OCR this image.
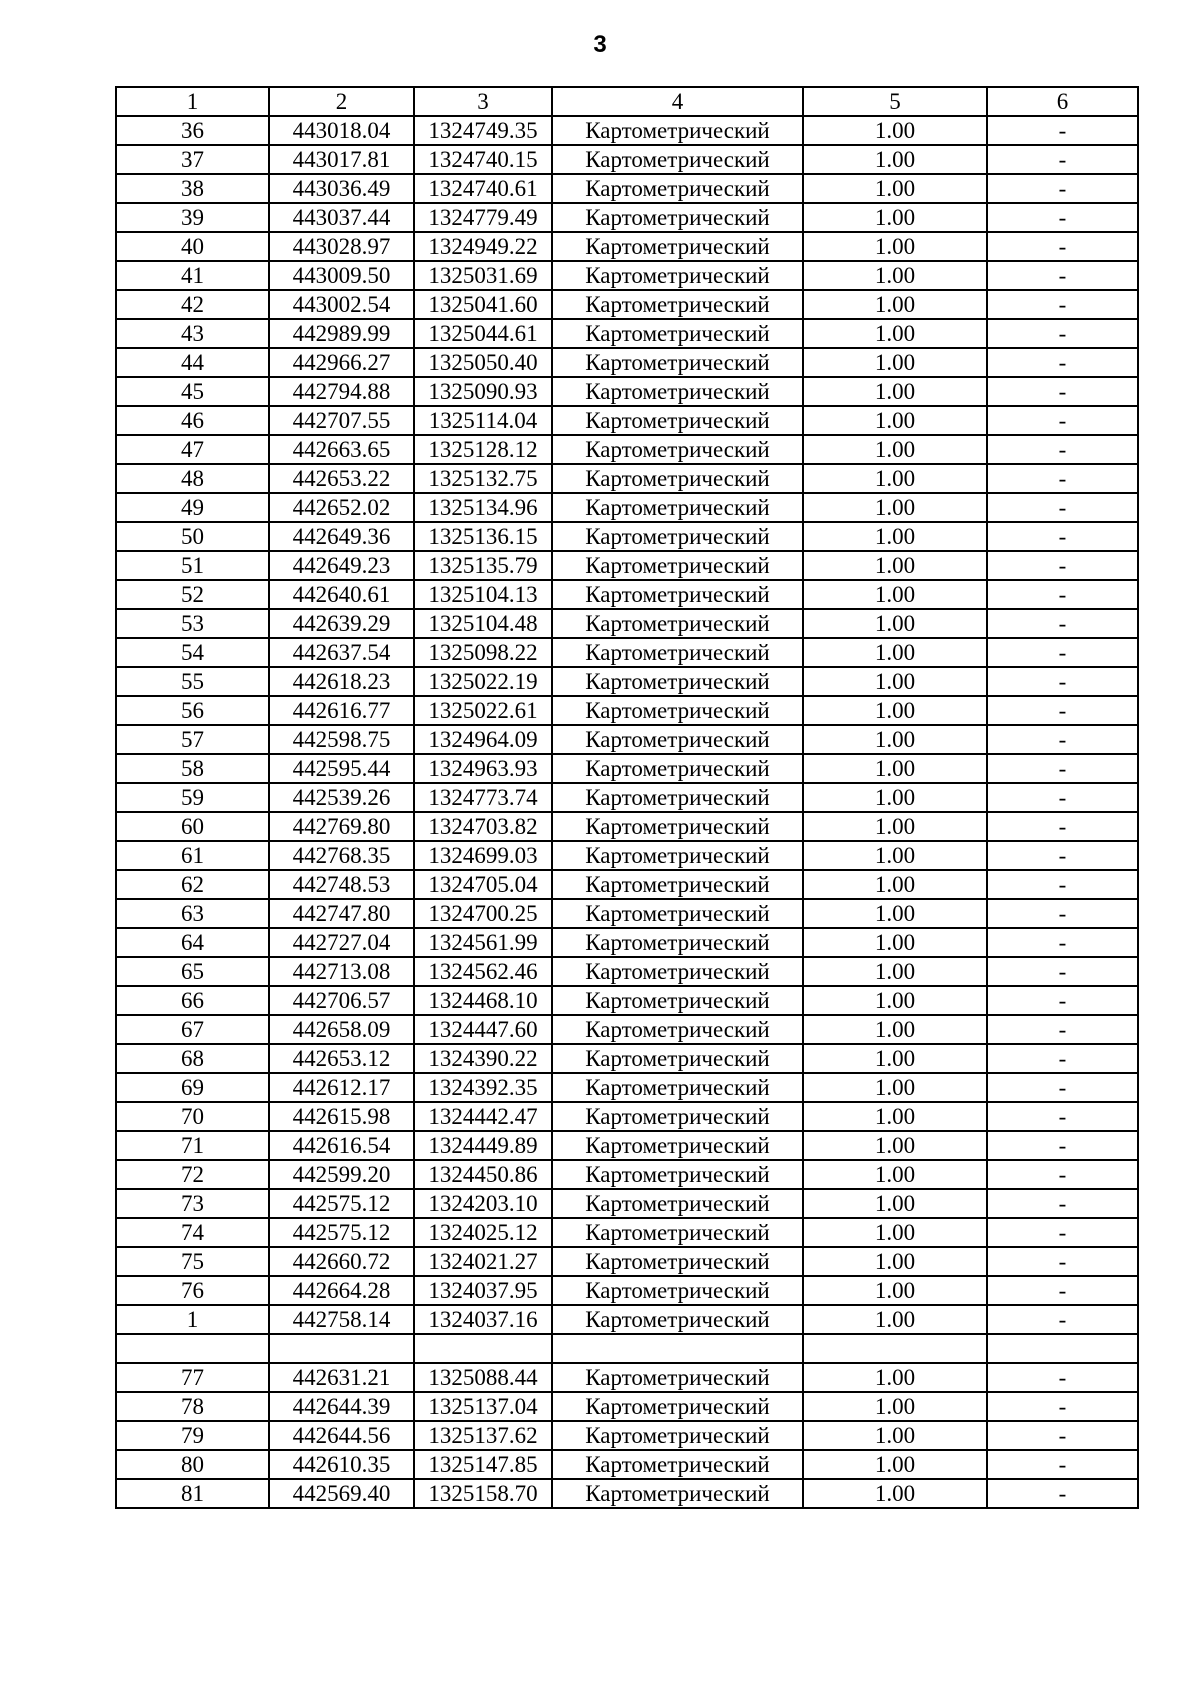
3
1	2	3	4	5	6
36	443018.04	1324749.35	Картометрический	1.00	-
37	443017.81	1324740.15	Картометрический	1.00	-
38	443036.49	1324740.61	Картометрический	1.00	-
39	443037.44	1324779.49	Картометрический	1.00	-
40	443028.97	1324949.22	Картометрический	1.00	-
41	443009.50	1325031.69	Картометрический	1.00	-
42	443002.54	1325041.60	Картометрический	1.00	-
43	442989.99	1325044.61	Картометрический	1.00	-
44	442966.27	1325050.40	Картометрический	1.00	-
45	442794.88	1325090.93	Картометрический	1.00	-
46	442707.55	1325114.04	Картометрический	1.00	-
47	442663.65	1325128.12	Картометрический	1.00	-
48	442653.22	1325132.75	Картометрический	1.00	-
49	442652.02	1325134.96	Картометрический	1.00	-
50	442649.36	1325136.15	Картометрический	1.00	-
51	442649.23	1325135.79	Картометрический	1.00	-
52	442640.61	1325104.13	Картометрический	1.00	-
53	442639.29	1325104.48	Картометрический	1.00	-
54	442637.54	1325098.22	Картометрический	1.00	-
55	442618.23	1325022.19	Картометрический	1.00	-
56	442616.77	1325022.61	Картометрический	1.00	-
57	442598.75	1324964.09	Картометрический	1.00	-
58	442595.44	1324963.93	Картометрический	1.00	-
59	442539.26	1324773.74	Картометрический	1.00	-
60	442769.80	1324703.82	Картометрический	1.00	-
61	442768.35	1324699.03	Картометрический	1.00	-
62	442748.53	1324705.04	Картометрический	1.00	-
63	442747.80	1324700.25	Картометрический	1.00	-
64	442727.04	1324561.99	Картометрический	1.00	-
65	442713.08	1324562.46	Картометрический	1.00	-
66	442706.57	1324468.10	Картометрический	1.00	-
67	442658.09	1324447.60	Картометрический	1.00	-
68	442653.12	1324390.22	Картометрический	1.00	-
69	442612.17	1324392.35	Картометрический	1.00	-
70	442615.98	1324442.47	Картометрический	1.00	-
71	442616.54	1324449.89	Картометрический	1.00	-
72	442599.20	1324450.86	Картометрический	1.00	-
73	442575.12	1324203.10	Картометрический	1.00	-
74	442575.12	1324025.12	Картометрический	1.00	-
75	442660.72	1324021.27	Картометрический	1.00	-
76	442664.28	1324037.95	Картометрический	1.00	-
1	442758.14	1324037.16	Картометрический	1.00	-

77	442631.21	1325088.44	Картометрический	1.00	-
78	442644.39	1325137.04	Картометрический	1.00	-
79	442644.56	1325137.62	Картометрический	1.00	-
80	442610.35	1325147.85	Картометрический	1.00	-
81	442569.40	1325158.70	Картометрический	1.00	-
